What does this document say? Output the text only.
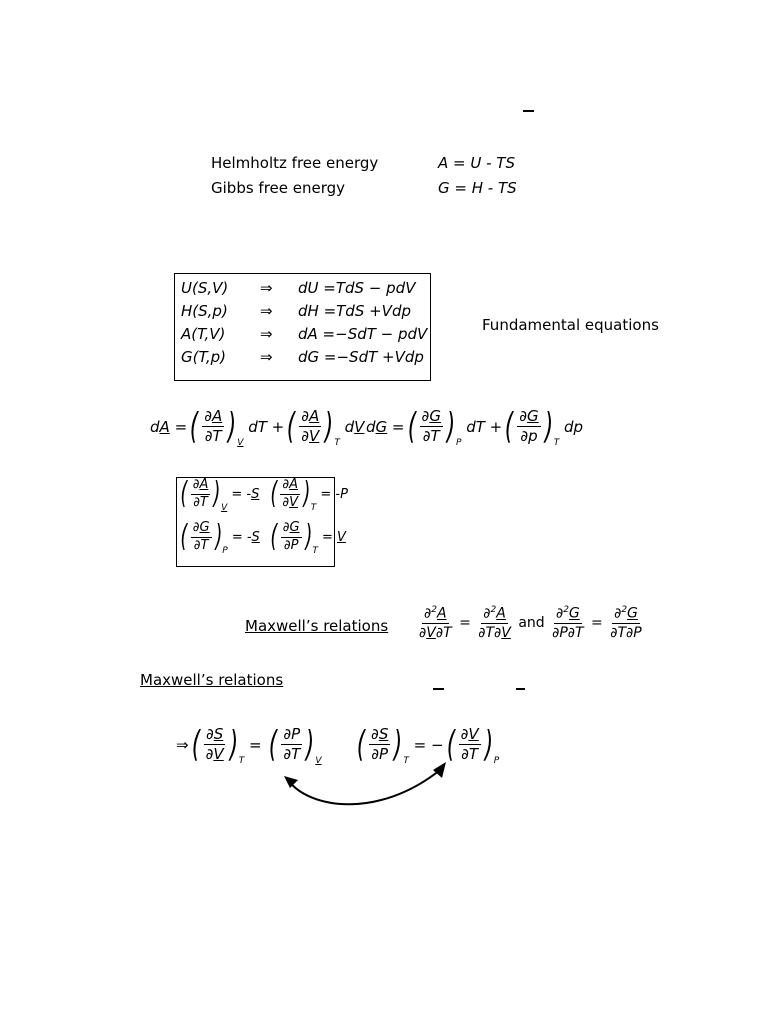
Helmholtz free energy	A = U - TS
Gibbs free energy	G = H - TS
U(S,V) ⇒ dU =TdS − pdV
H(S,p) ⇒ dH =TdS +Vdp
A(T,V) ⇒ dA =−SdT − pdV
G(T,p) ⇒ dG =−SdT +Vdp
Fundamental equations
dA = ( $\frac{\partial A}{\partial T}$ ) V
dT + ( $\frac{\partial A}{\partial V}$ ) T
dV dG = ( $\frac{\partial G}{\partial T}$ ) P
dT + ( $\frac{\partial G}{\partial p}$ ) T
dp
( $\frac{\partial A}{\partial T}$ ) V
= -S ( $\frac{\partial A}{\partial V}$ ) T
= -P
( $\frac{\partial G}{\partial T}$ ) P
= -S ( $\frac{\partial G}{\partial P}$ ) T
= V
Maxwell’s relations $\frac{\partial^2A}{\partial V\partial T} = \frac{\partial^2A}{\partial T\partial V}$ and $\frac{\partial^2G}{\partial P\partial T} = \frac{\partial^2G}{\partial T\partial P}$
Maxwell’s relations
⇒ ( $\frac{\partial S}{\partial V}$ ) T
= ( $\frac{\partial P}{\partial T}$ ) V ( $\frac{\partial S}{\partial P}$ ) T
= − ( $\frac{\partial V}{\partial T}$ ) P
